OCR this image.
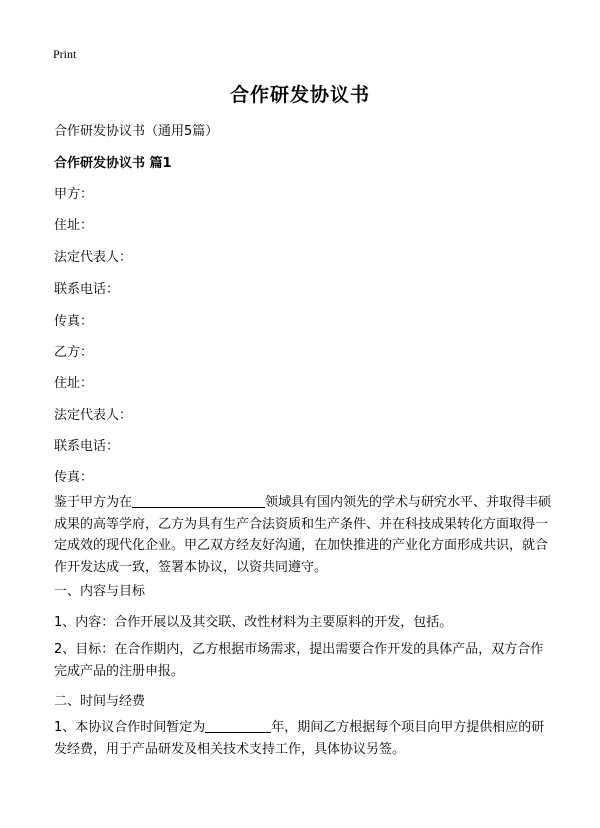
Print
合作研发协议书
合作研发协议书（通用5篇）
合作研发协议书 篇1
甲方：
住址：
法定代表人：
联系电话：
传真：
乙方：
住址：
法定代表人：
联系电话：
传真：
鉴于甲方为在	领域具有国内领先的学术与研究水平、并取得丰硕成果的高等学府，乙方为具有生产合法资质和生产条件、并在科技成果转化方面取得一定成效的现代化企业。甲乙双方经友好沟通，在加快推进的产业化方面形成共识，就合作开发达成一致，签署本协议，以资共同遵守。
一、内容与目标
1、内容：合作开展以及其交联、改性材料为主要原料的开发，包括。
2、目标：在合作期内，乙方根据市场需求，提出需要合作开发的具体产品，双方合作完成产品的注册申报。
二、时间与经费
1、本协议合作时间暂定为	年，期间乙方根据每个项目向甲方提供相应的研发经费，用于产品研发及相关技术支持工作，具体协议另签。
